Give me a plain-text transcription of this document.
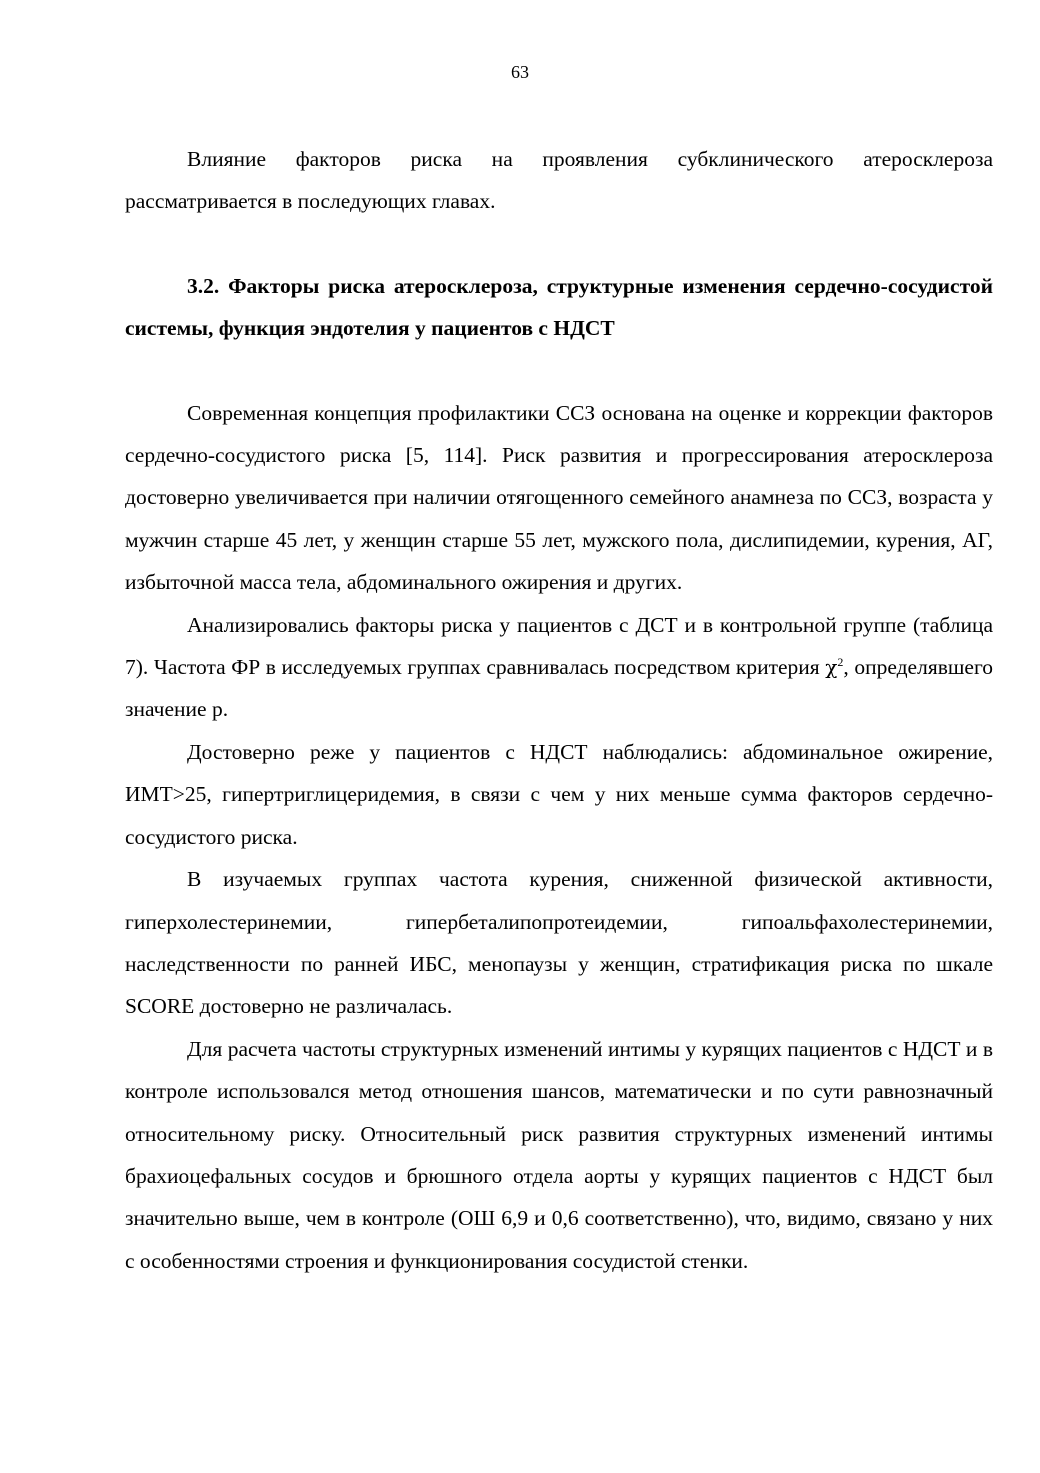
63

Влияние факторов риска на проявления субклинического атеросклероза рассматривается в последующих главах.

3.2. Факторы риска атеросклероза, структурные изменения сердечно-сосудистой системы, функция эндотелия у пациентов с НДСТ

Современная концепция профилактики ССЗ основана на оценке и коррекции факторов сердечно-сосудистого риска [5, 114]. Риск развития и прогрессирования атеросклероза достоверно увеличивается при наличии отягощенного семейного анамнеза по ССЗ, возраста у мужчин старше 45 лет, у женщин старше 55 лет, мужского пола, дислипидемии, курения, АГ, избыточной масса тела, абдоминального ожирения и других.

Анализировались факторы риска у пациентов с ДСТ и в контрольной группе (таблица 7). Частота ФР в исследуемых группах сравнивалась посредством критерия $\chi^2$, определявшего значение р.

Достоверно реже у пациентов с НДСТ наблюдались: абдоминальное ожирение, ИМТ>25, гипертриглицеридемия, в связи с чем у них меньше сумма факторов сердечно-сосудистого риска.

В изучаемых группах частота курения, сниженной физической активности, гиперхолестеринемии, гипербеталипопротеидемии, гипоальфахолестеринемии, наследственности по ранней ИБС, менопаузы у женщин, стратификация риска по шкале SCORE достоверно не различалась.

Для расчета частоты структурных изменений интимы у курящих пациентов с НДСТ и в контроле использовался метод отношения шансов, математически и по сути равнозначный относительному риску. Относительный риск развития структурных изменений интимы брахиоцефальных сосудов и брюшного отдела аорты у курящих пациентов с НДСТ был значительно выше, чем в контроле (ОШ 6,9 и 0,6 соответственно), что, видимо, связано у них с особенностями строения и функционирования сосудистой стенки.
